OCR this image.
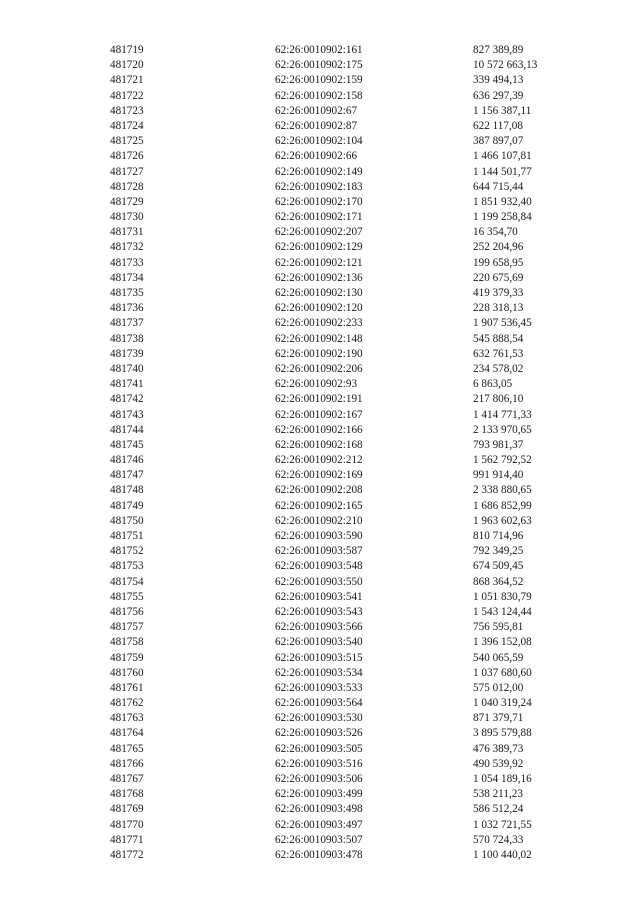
481719	62:26:0010902:161	827 389,89
481720	62:26:0010902:175	10 572 663,13
481721	62:26:0010902:159	339 494,13
481722	62:26:0010902:158	636 297,39
481723	62:26:0010902:67	1 156 387,11
481724	62:26:0010902:87	622 117,08
481725	62:26:0010902:104	387 897,07
481726	62:26:0010902:66	1 466 107,81
481727	62:26:0010902:149	1 144 501,77
481728	62:26:0010902:183	644 715,44
481729	62:26:0010902:170	1 851 932,40
481730	62:26:0010902:171	1 199 258,84
481731	62:26:0010902:207	16 354,70
481732	62:26:0010902:129	252 204,96
481733	62:26:0010902:121	199 658,95
481734	62:26:0010902:136	220 675,69
481735	62:26:0010902:130	419 379,33
481736	62:26:0010902:120	228 318,13
481737	62:26:0010902:233	1 907 536,45
481738	62:26:0010902:148	545 888,54
481739	62:26:0010902:190	632 761,53
481740	62:26:0010902:206	234 578,02
481741	62:26:0010902:93	6 863,05
481742	62:26:0010902:191	217 806,10
481743	62:26:0010902:167	1 414 771,33
481744	62:26:0010902:166	2 133 970,65
481745	62:26:0010902:168	793 981,37
481746	62:26:0010902:212	1 562 792,52
481747	62:26:0010902:169	991 914,40
481748	62:26:0010902:208	2 338 880,65
481749	62:26:0010902:165	1 686 852,99
481750	62:26:0010902:210	1 963 602,63
481751	62:26:0010903:590	810 714,96
481752	62:26:0010903:587	792 349,25
481753	62:26:0010903:548	674 509,45
481754	62:26:0010903:550	868 364,52
481755	62:26:0010903:541	1 051 830,79
481756	62:26:0010903:543	1 543 124,44
481757	62:26:0010903:566	756 595,81
481758	62:26:0010903:540	1 396 152,08
481759	62:26:0010903:515	540 065,59
481760	62:26:0010903:534	1 037 680,60
481761	62:26:0010903:533	575 012,00
481762	62:26:0010903:564	1 040 319,24
481763	62:26:0010903:530	871 379,71
481764	62:26:0010903:526	3 895 579,88
481765	62:26:0010903:505	476 389,73
481766	62:26:0010903:516	490 539,92
481767	62:26:0010903:506	1 054 189,16
481768	62:26:0010903:499	538 211,23
481769	62:26:0010903:498	586 512,24
481770	62:26:0010903:497	1 032 721,55
481771	62:26:0010903:507	570 724,33
481772	62:26:0010903:478	1 100 440,02
